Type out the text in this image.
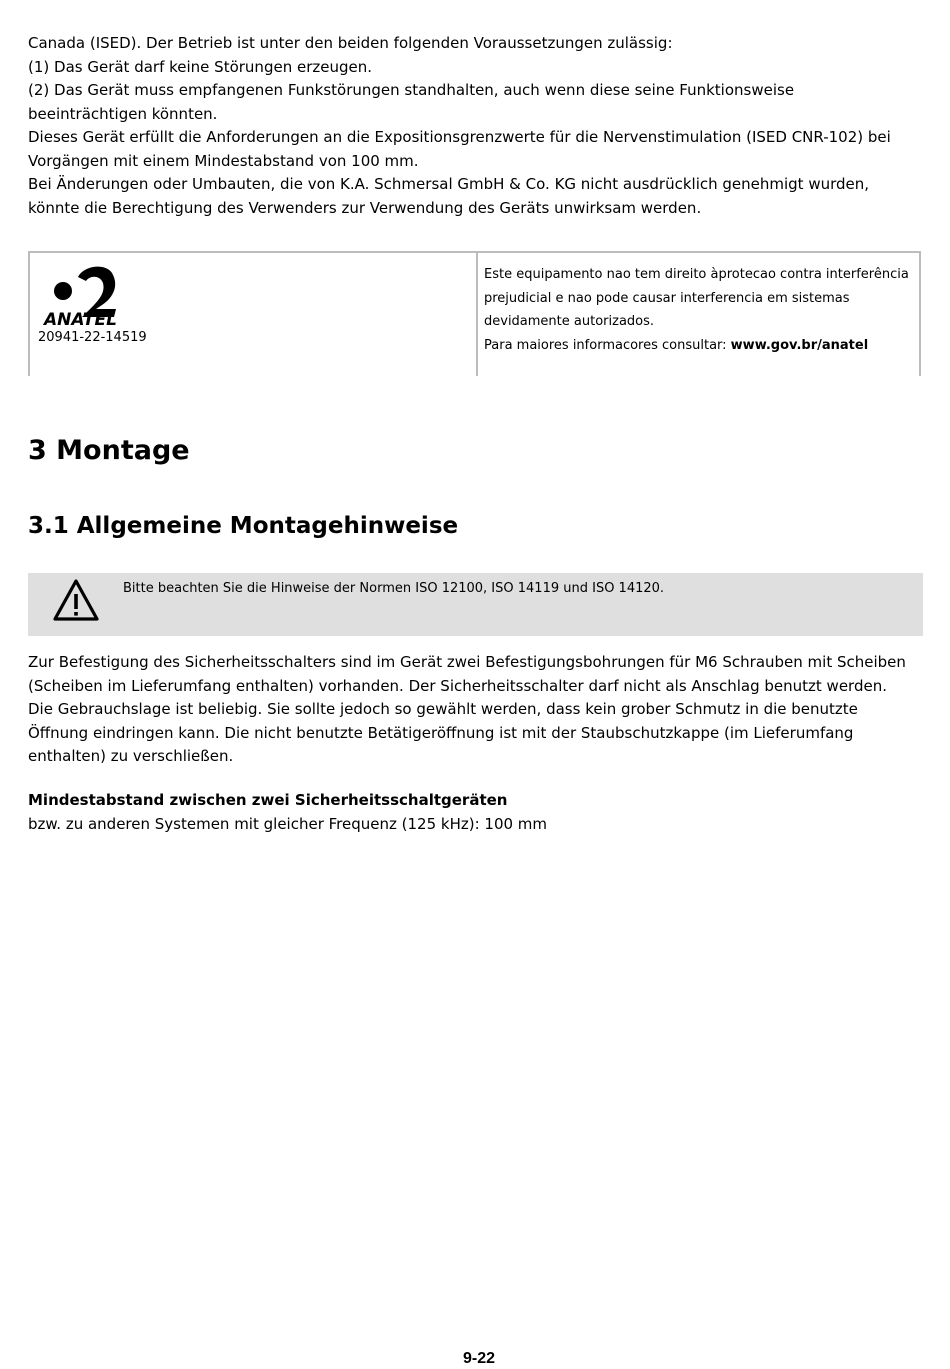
Canada (ISED). Der Betrieb ist unter den beiden folgenden Voraussetzungen zulässig:
(1) Das Gerät darf keine Störungen erzeugen.
(2) Das Gerät muss empfangenen Funkstörungen standhalten, auch wenn diese seine Funktionsweise
beeinträchtigen könnten.
Dieses Gerät erfüllt die Anforderungen an die Expositionsgrenzwerte für die Nervenstimulation (ISED CNR-102) bei
Vorgängen mit einem Mindestabstand von 100 mm.
Bei Änderungen oder Umbauten, die von K.A. Schmersal GmbH & Co. KG nicht ausdrücklich genehmigt wurden,
könnte die Berechtigung des Verwenders zur Verwendung des Geräts unwirksam werden.
ANATEL
20941-22-14519
Este equipamento nao tem direito àprotecao contra interferência
prejudicial e nao pode causar interferencia em sistemas
devidamente autorizados.
Para maiores informacores consultar: www.gov.br/anatel
3 Montage
3.1 Allgemeine Montagehinweise
Bitte beachten Sie die Hinweise der Normen ISO 12100, ISO 14119 und ISO 14120.
Zur Befestigung des Sicherheitsschalters sind im Gerät zwei Befestigungsbohrungen für M6 Schrauben mit Scheiben
(Scheiben im Lieferumfang enthalten) vorhanden. Der Sicherheitsschalter darf nicht als Anschlag benutzt werden.
Die Gebrauchslage ist beliebig. Sie sollte jedoch so gewählt werden, dass kein grober Schmutz in die benutzte
Öffnung eindringen kann. Die nicht benutzte Betätigeröffnung ist mit der Staubschutzkappe (im Lieferumfang
enthalten) zu verschließen.
Mindestabstand zwischen zwei Sicherheitsschaltgeräten
bzw. zu anderen Systemen mit gleicher Frequenz (125 kHz): 100 mm
9-22
